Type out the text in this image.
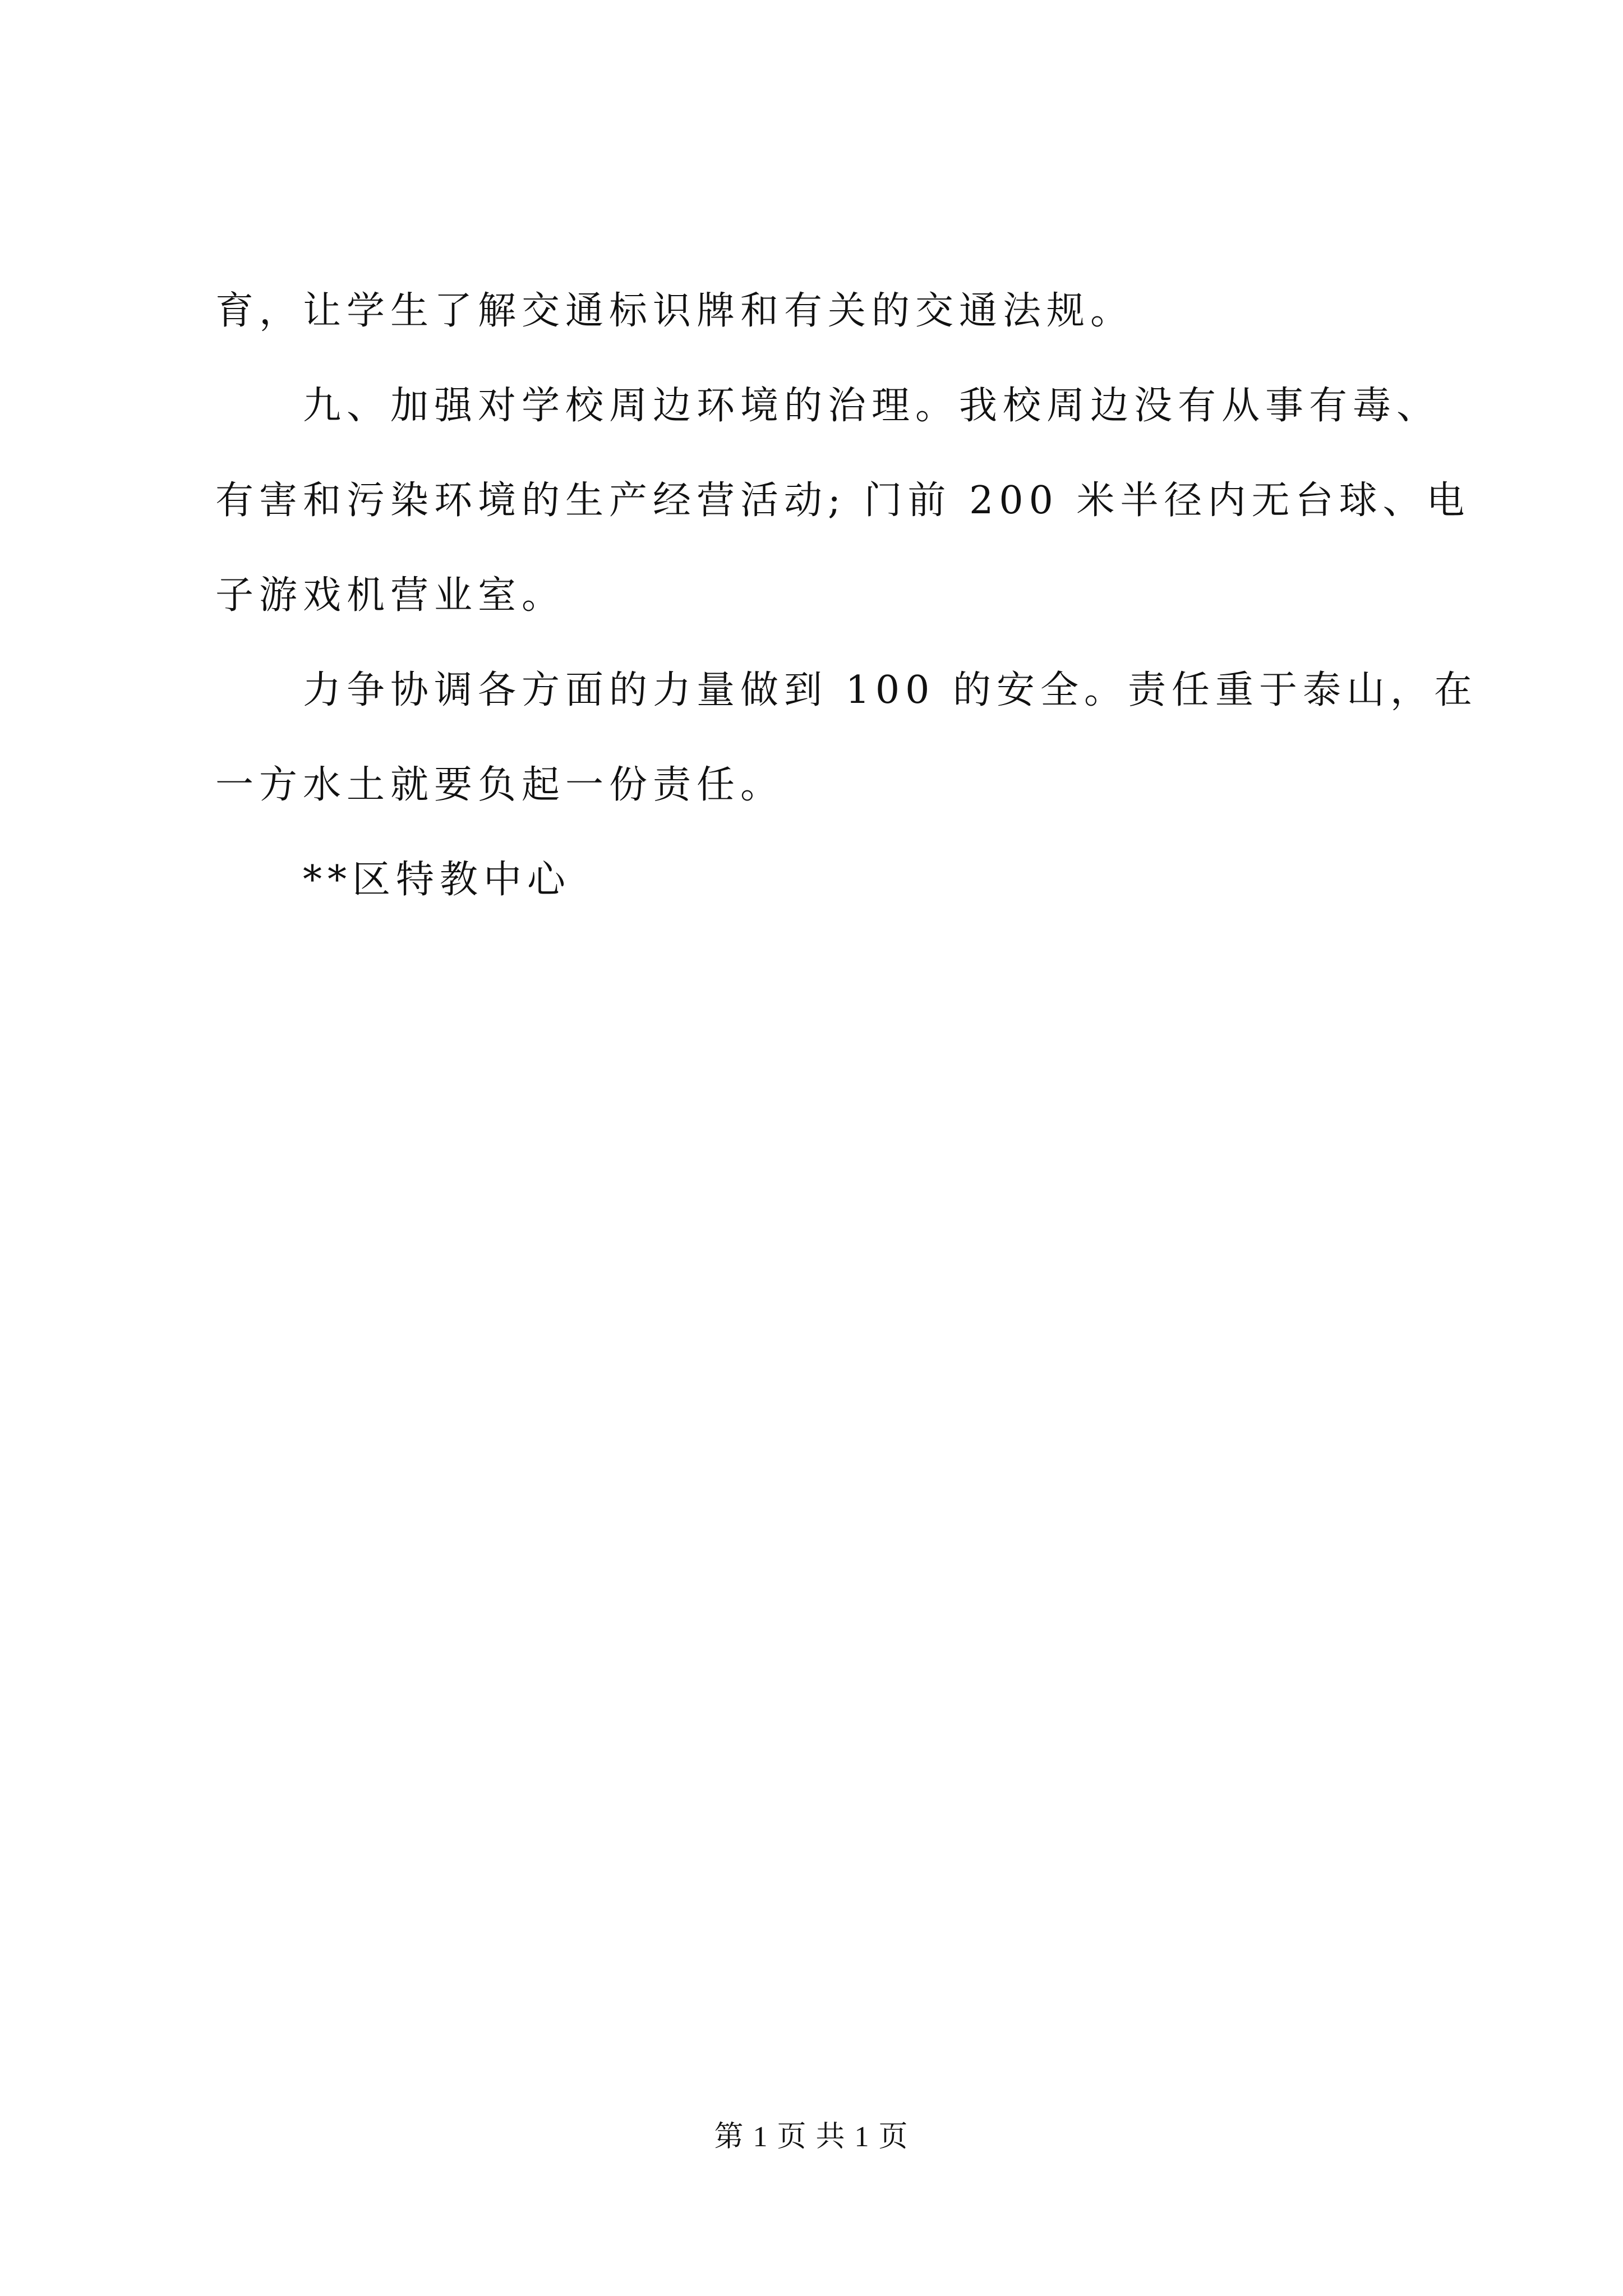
育，让学生了解交通标识牌和有关的交通法规。
九、加强对学校周边环境的治理。我校周边没有从事有毒、
有害和污染环境的生产经营活动; 门前 200 米半径内无台球、电
子游戏机营业室。
力争协调各方面的力量做到 100 的安全。责任重于泰山，在
一方水土就要负起一份责任。
**区特教中心
第 1 页 共 1 页
